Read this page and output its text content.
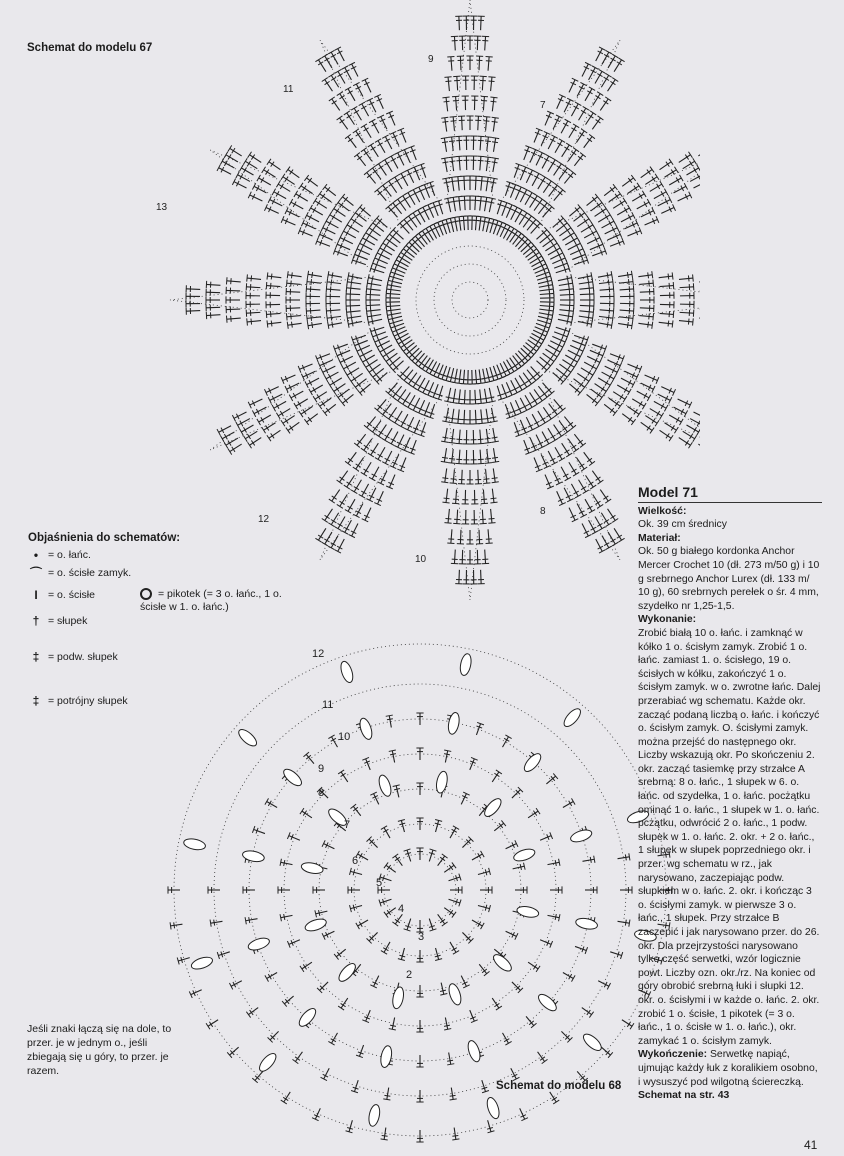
9
11
13
12
10
8
7
12
11
10
9
8
7
6
5
4
3
2
Schemat do modelu 67
Schemat do modelu 68
Objaśnienia do schematów:
• = o. łańc.
⌒ = o. ścisłe zamyk.
I = o. ścisłe
† = słupek
‡ = podw. słupek
‡ = potrójny słupek
= pikotek (= 3 o. łańc., 1 o. ścisłe w 1. o. łańc.)
Jeśli znaki łączą się na dole, to przer. je w jednym o., jeśli zbiegają się u góry, to przer. je razem.
Model 71

Wielkość:

Ok. 39 cm średnicy

Materiał:

Ok. 50 g białego kordonka Anchor Mercer Crochet 10 (dł. 273 m/50 g) i 10 g srebrnego Anchor Lurex (dł. 133 m/ 10 g), 60 srebrnych perełek o śr. 4 mm, szydełko nr 1,25-1,5.

Wykonanie:

Zrobić białą 10 o. łańc. i zamknąć w kółko 1 o. ścisłym zamyk. Zrobić 1 o. łańc. zamiast 1. o. ścisłego, 19 o. ścisłych w kółku, zakończyć 1 o. ścisłym zamyk. w o. zwrotne łańc. Dalej przerabiać wg schematu. Każde okr. zacząć podaną liczbą o. łańc. i kończyć o. ścisłym zamyk. O. ścisłymi zamyk. można przejść do następnego okr. Liczby wskazują okr. Po skończeniu 2. okr. zacząć tasiemkę przy strzałce A srebrną: 8 o. łańc., 1 słupek w 6. o. łańc. od szydełka, 1 o. łańc. pocżątku ominąć 1 o. łańc., 1 słupek w 1. o. łańc. pcżątku, odwrócić 2 o. łańc., 1 podw. słupek w 1. o. łańc. 2. okr. + 2 o. łańc., 1 słupek w słupek poprzedniego okr. i przer. wg schematu w rz., jak narysowano, zaczepiając podw. słupkiem w o. łańc. 2. okr. i kończąc 3 o. ścisłymi zamyk. w pierwsze 3 o. łańc., 1 słupek. Przy strzałce B zaczepić i jak narysowano przer. do 26. okr. Dla przejrzystości narysowano tylko część serwetki, wzór logicznie powt. Liczby ozn. okr./rz. Na koniec od góry obrobić srebrną łuki i słupki 12. okr. o. ścisłymi i w każde o. łańc. 2. okr. zrobić 1 o. ścisłe, 1 pikotek (= 3 o. łańc., 1 o. ścisłe w 1. o. łańc.), okr. zamykać 1 o. ścisłym zamyk.

Wykończenie: Serwetkę napiąć, ujmując każdy łuk z koralikiem osobno, i wysuszyć pod wilgotną ściereczką.

Schemat na str. 43

41
